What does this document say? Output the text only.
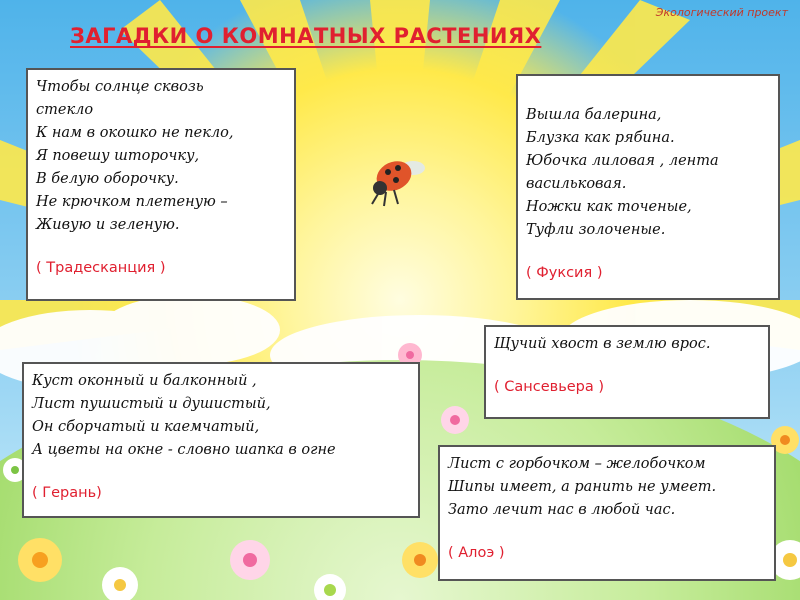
Экологический проект
ЗАГАДКИ О КОМНАТНЫХ РАСТЕНИЯХ
Чтобы солнце сквозь
стекло
К нам в окошко не пекло,
Я повешу шторочку,
В белую оборочку.
Не крючком плетеную –
Живую и зеленую.
( Традесканция )
Вышла балерина,
Блузка как рябина.
Юбочка лиловая , лента
васильковая.
Ножки как точеные,
Туфли золоченые.
( Фуксия )
Щучий хвост в землю врос.
( Сансевьера )
Куст оконный и балконный ,
Лист пушистый и душистый,
Он сборчатый и каемчатый,
А цветы на окне - словно шапка в огне
( Герань)
Лист с горбочком – желобочком
Шипы имеет, а ранить не умеет.
Зато лечит нас в любой час.
( Алоэ )
